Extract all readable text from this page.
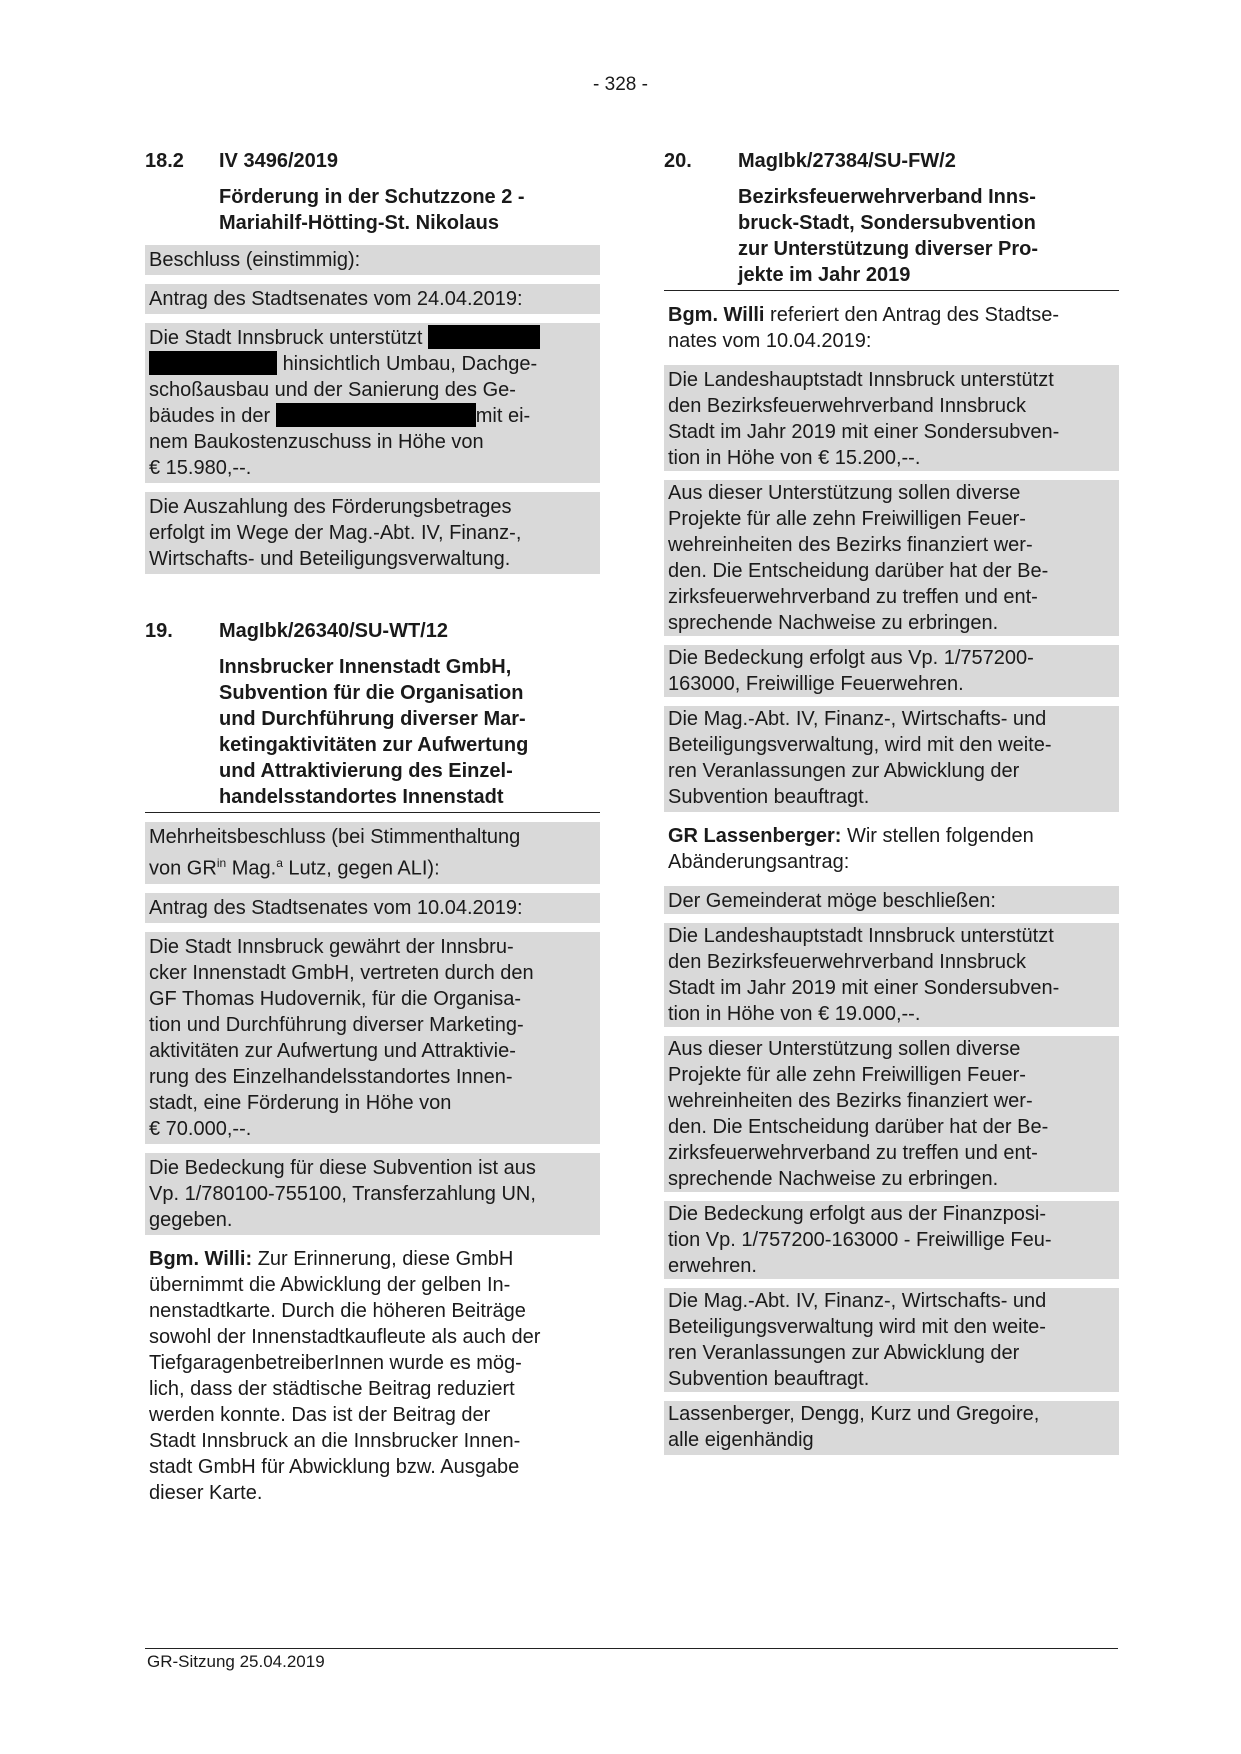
- 328 -
18.2	IV 3496/2019
Förderung in der Schutzzone 2 -
Mariahilf-Hötting-St. Nikolaus
Beschluss (einstimmig):
Antrag des Stadtsenates vom 24.04.2019:
Die Stadt Innsbruck unterstützt
hinsichtlich Umbau, Dachge-
schoßausbau und der Sanierung des Ge-
bäudes in der	mit ei-
nem Baukostenzuschuss in Höhe von
€ 15.980,--.
Die Auszahlung des Förderungsbetrages
erfolgt im Wege der Mag.-Abt. IV, Finanz-,
Wirtschafts- und Beteiligungsverwaltung.
19.	MagIbk/26340/SU-WT/12
Innsbrucker Innenstadt GmbH,
Subvention für die Organisation
und Durchführung diverser Mar-
ketingaktivitäten zur Aufwertung
und Attraktivierung des Einzel-
handelsstandortes Innenstadt
Mehrheitsbeschluss (bei Stimmenthaltung
von $GR^{in}$ Mag.$^a$ Lutz, gegen ALI):
Antrag des Stadtsenates vom 10.04.2019:
Die Stadt Innsbruck gewährt der Innsbru-
cker Innenstadt GmbH, vertreten durch den
GF Thomas Hudovernik, für die Organisa-
tion und Durchführung diverser Marketing-
aktivitäten zur Aufwertung und Attraktivie-
rung des Einzelhandelsstandortes Innen-
stadt, eine Förderung in Höhe von
€ 70.000,--.
Die Bedeckung für diese Subvention ist aus
Vp. 1/780100-755100, Transferzahlung UN,
gegeben.
Bgm. Willi: Zur Erinnerung, diese GmbH
übernimmt die Abwicklung der gelben In-
nenstadtkarte. Durch die höheren Beiträge
sowohl der Innenstadtkaufleute als auch der
TiefgaragenbetreiberInnen wurde es mög-
lich, dass der städtische Beitrag reduziert
werden konnte. Das ist der Beitrag der
Stadt Innsbruck an die Innsbrucker Innen-
stadt GmbH für Abwicklung bzw. Ausgabe
dieser Karte.
20.	MagIbk/27384/SU-FW/2
Bezirksfeuerwehrverband Inns-
bruck-Stadt, Sondersubvention
zur Unterstützung diverser Pro-
jekte im Jahr 2019
Bgm. Willi referiert den Antrag des Stadtse-
nates vom 10.04.2019:
Die Landeshauptstadt Innsbruck unterstützt
den Bezirksfeuerwehrverband Innsbruck
Stadt im Jahr 2019 mit einer Sondersubven-
tion in Höhe von € 15.200,--.
Aus dieser Unterstützung sollen diverse
Projekte für alle zehn Freiwilligen Feuer-
wehreinheiten des Bezirks finanziert wer-
den. Die Entscheidung darüber hat der Be-
zirksfeuerwehrverband zu treffen und ent-
sprechende Nachweise zu erbringen.
Die Bedeckung erfolgt aus Vp. 1/757200-
163000, Freiwillige Feuerwehren.
Die Mag.-Abt. IV, Finanz-, Wirtschafts- und
Beteiligungsverwaltung, wird mit den weite-
ren Veranlassungen zur Abwicklung der
Subvention beauftragt.
GR Lassenberger: Wir stellen folgenden
Abänderungsantrag:
Der Gemeinderat möge beschließen:
Die Landeshauptstadt Innsbruck unterstützt
den Bezirksfeuerwehrverband Innsbruck
Stadt im Jahr 2019 mit einer Sondersubven-
tion in Höhe von € 19.000,--.
Aus dieser Unterstützung sollen diverse
Projekte für alle zehn Freiwilligen Feuer-
wehreinheiten des Bezirks finanziert wer-
den. Die Entscheidung darüber hat der Be-
zirksfeuerwehrverband zu treffen und ent-
sprechende Nachweise zu erbringen.
Die Bedeckung erfolgt aus der Finanzposi-
tion Vp. 1/757200-163000 - Freiwillige Feu-
erwehren.
Die Mag.-Abt. IV, Finanz-, Wirtschafts- und
Beteiligungsverwaltung wird mit den weite-
ren Veranlassungen zur Abwicklung der
Subvention beauftragt.
Lassenberger, Dengg, Kurz und Gregoire,
alle eigenhändig
GR-Sitzung 25.04.2019
